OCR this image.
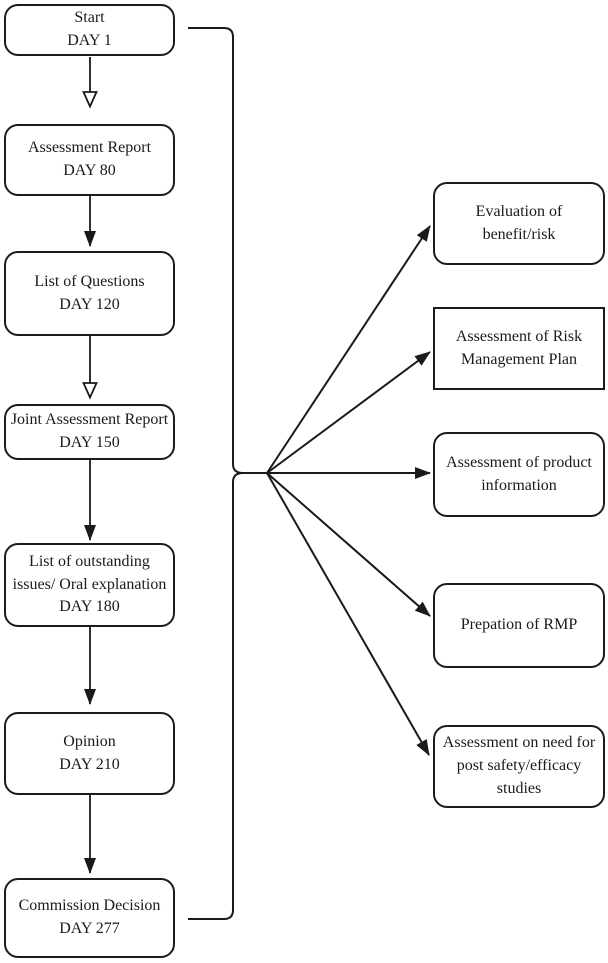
Start
DAY 1
Assessment Report
DAY 80
List of Questions
DAY 120
Joint Assessment Report
DAY 150
List of outstanding issues/ Oral explanation
DAY 180
Opinion
DAY 210
Commission Decision
DAY 277
Evaluation of benefit/risk
Assessment of Risk Management Plan
Assessment of product information
Prepation of RMP
Assessment on need for post safety/efficacy studies
